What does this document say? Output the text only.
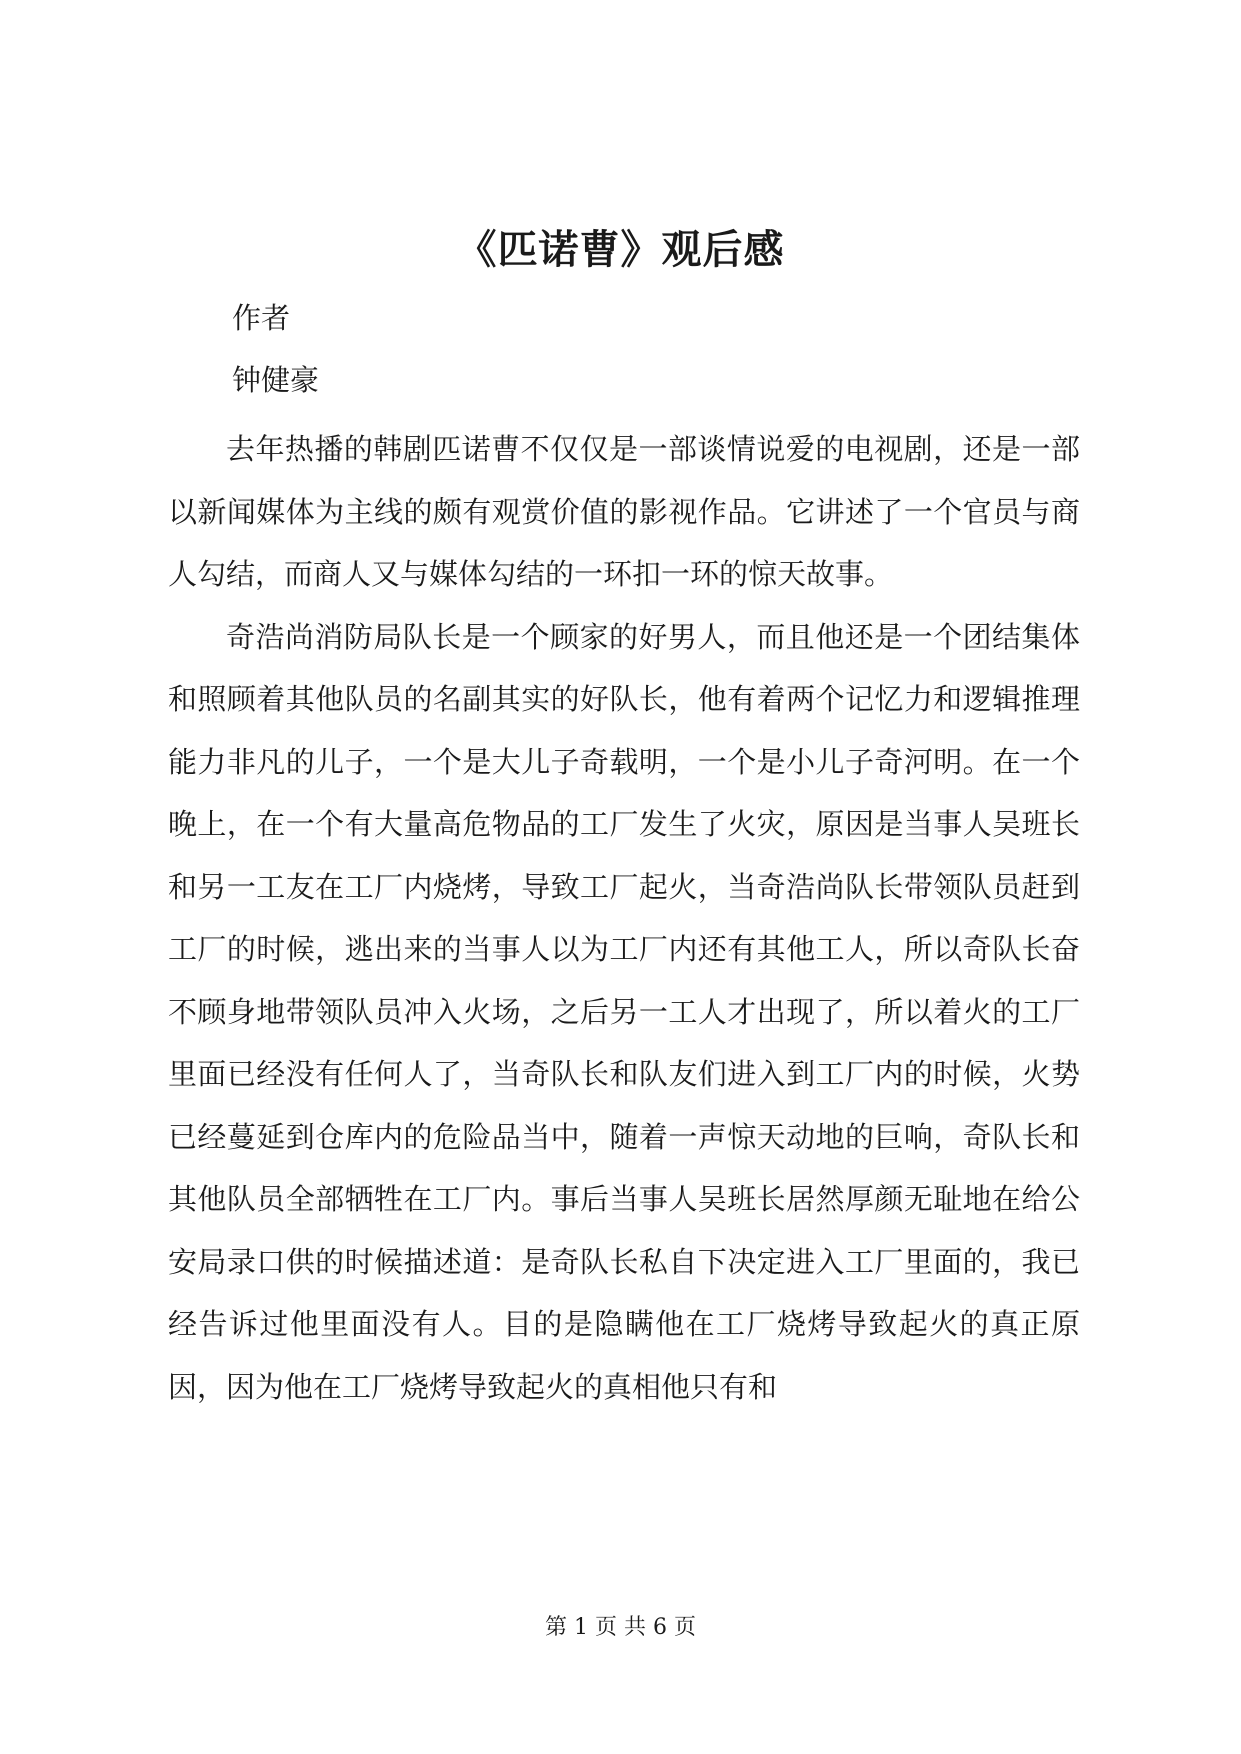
《匹诺曹》观后感
作者
钟健豪

去年热播的韩剧匹诺曹不仅仅是一部谈情说爱的电视剧，还是一部以新闻媒体为主线的颇有观赏价值的影视作品。它讲述了一个官员与商人勾结，而商人又与媒体勾结的一环扣一环的惊天故事。

奇浩尚消防局队长是一个顾家的好男人，而且他还是一个团结集体和照顾着其他队员的名副其实的好队长，他有着两个记忆力和逻辑推理能力非凡的儿子，一个是大儿子奇载明，一个是小儿子奇河明。在一个晚上，在一个有大量高危物品的工厂发生了火灾，原因是当事人吴班长和另一工友在工厂内烧烤，导致工厂起火，当奇浩尚队长带领队员赶到工厂的时候，逃出来的当事人以为工厂内还有其他工人，所以奇队长奋不顾身地带领队员冲入火场，之后另一工人才出现了，所以着火的工厂里面已经没有任何人了，当奇队长和队友们进入到工厂内的时候，火势已经蔓延到仓库内的危险品当中，随着一声惊天动地的巨响，奇队长和其他队员全部牺牲在工厂内。事后当事人吴班长居然厚颜无耻地在给公安局录口供的时候描述道：是奇队长私自下决定进入工厂里面的，我已经告诉过他里面没有人。目的是隐瞒他在工厂烧烤导致起火的真正原因，因为他在工厂烧烤导致起火的真相他只有和

第 1 页 共 6 页
